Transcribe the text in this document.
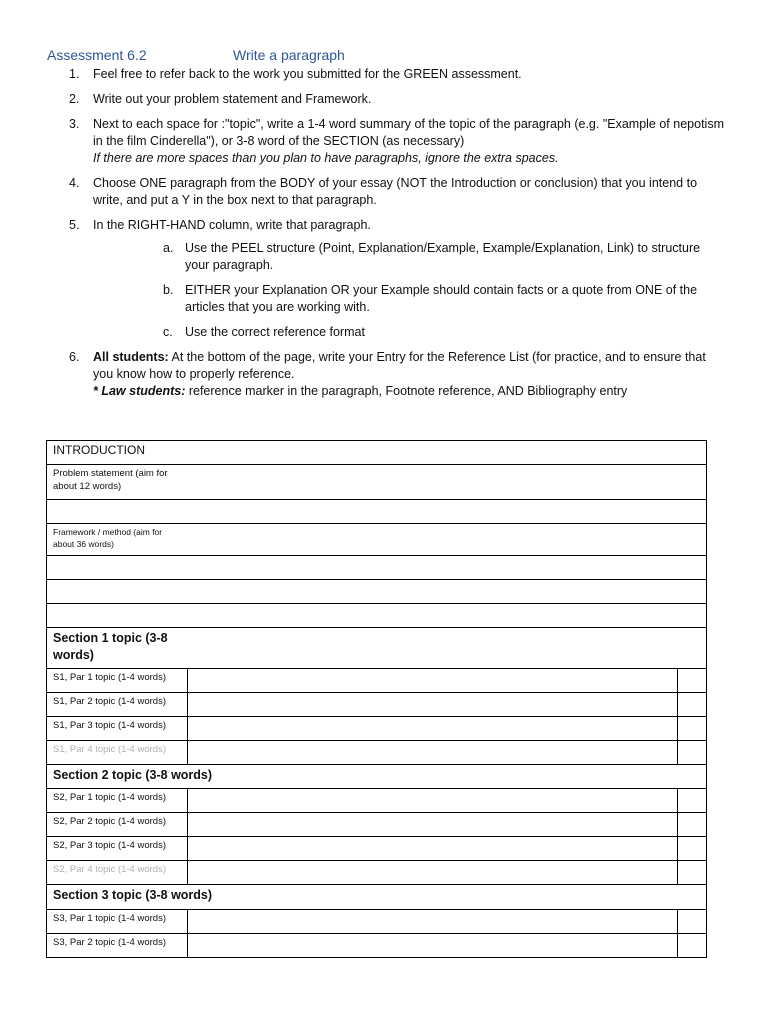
Assessment 6.2	Write a paragraph
1. Feel free to refer back to the work you submitted for the GREEN assessment.
2. Write out your problem statement and Framework.
3. Next to each space for :"topic", write a 1-4 word summary of the topic of the paragraph (e.g. "Example of nepotism in the film Cinderella"), or 3-8 word of the SECTION (as necessary)
If there are more spaces than you plan to have paragraphs, ignore the extra spaces.
4. Choose ONE paragraph from the BODY of your essay (NOT the Introduction or conclusion) that you intend to write, and put a Y in the box next to that paragraph.
5. In the RIGHT-HAND column, write that paragraph.
a. Use the PEEL structure (Point, Explanation/Example, Example/Explanation, Link) to structure your paragraph.
b. EITHER your Explanation OR your Example should contain facts or a quote from ONE of the articles that you are working with.
c. Use the correct reference format
6. All students: At the bottom of the page, write your Entry for the Reference List (for practice, and to ensure that you know how to properly reference.
* Law students: reference marker in the paragraph, Footnote reference, AND Bibliography entry
INTRODUCTION		

Problem statement (aim for about 12 words)		

Framework / method (aim for about 36 words)		

Section 1 topic (3-8 words)		

S1, Par 1 topic (1-4 words)		
S1, Par 2 topic (1-4 words)		
S1, Par 3 topic (1-4 words)		
S1, Par 4 topic (1-4 words)		

Section 2 topic (3-8 words)		

S2, Par 1 topic (1-4 words)		
S2, Par 2 topic (1-4 words)		
S2, Par 3 topic (1-4 words)		
S2, Par 4 topic (1-4 words)		

Section 3 topic (3-8 words)		

S3, Par 1 topic (1-4 words)		
S3, Par 2 topic (1-4 words)		
